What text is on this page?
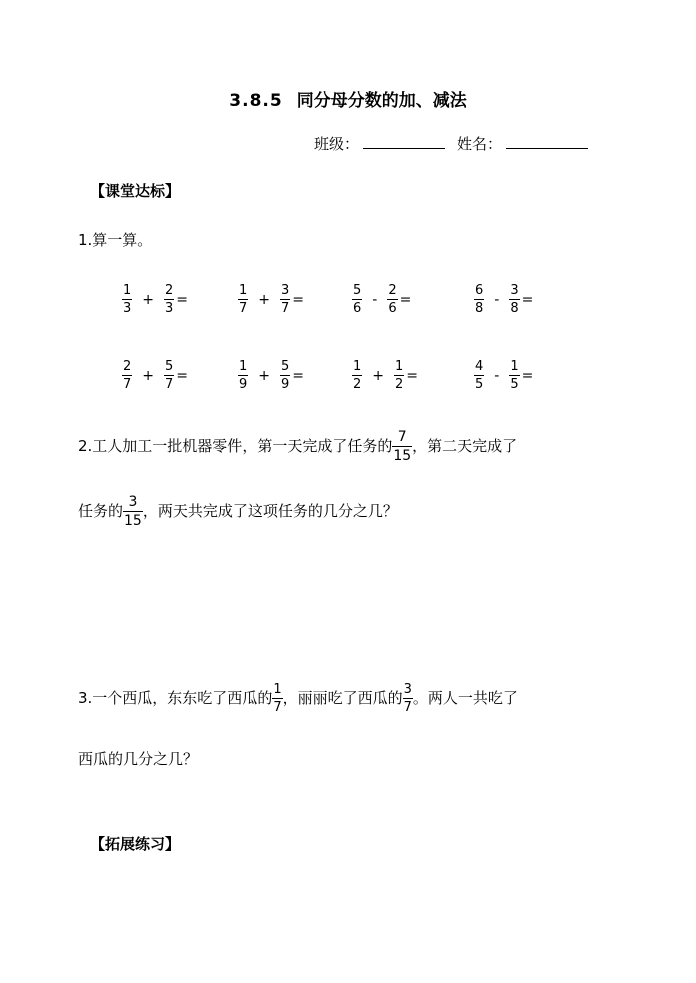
3.8.5 同分母分数的加、减法
班级：	姓名：
【课堂达标】
1.算一算。
$\frac{1}{3} + \frac{2}{3}$ =	$\frac{1}{7} + \frac{3}{7}$ =	$\frac{5}{6} - \frac{2}{6}$ =	$\frac{6}{8} - \frac{3}{8}$ =
$\frac{2}{7} + \frac{5}{7}$ =	$\frac{1}{9} + \frac{5}{9}$ =	$\frac{1}{2} + \frac{1}{2}$ =	$\frac{4}{5} - \frac{1}{5}$ =
2.工人加工一批机器零件，第一天完成了任务的 $\frac{7}{15}$ ，第二天完成了
任务的 $\frac{3}{15}$ ，两天共完成了这项任务的几分之几？
3.一个西瓜，东东吃了西瓜的 $\frac{1}{7}$ ，丽丽吃了西瓜的 $\frac{3}{7}$ 。两人一共吃了
西瓜的几分之几？
【拓展练习】
